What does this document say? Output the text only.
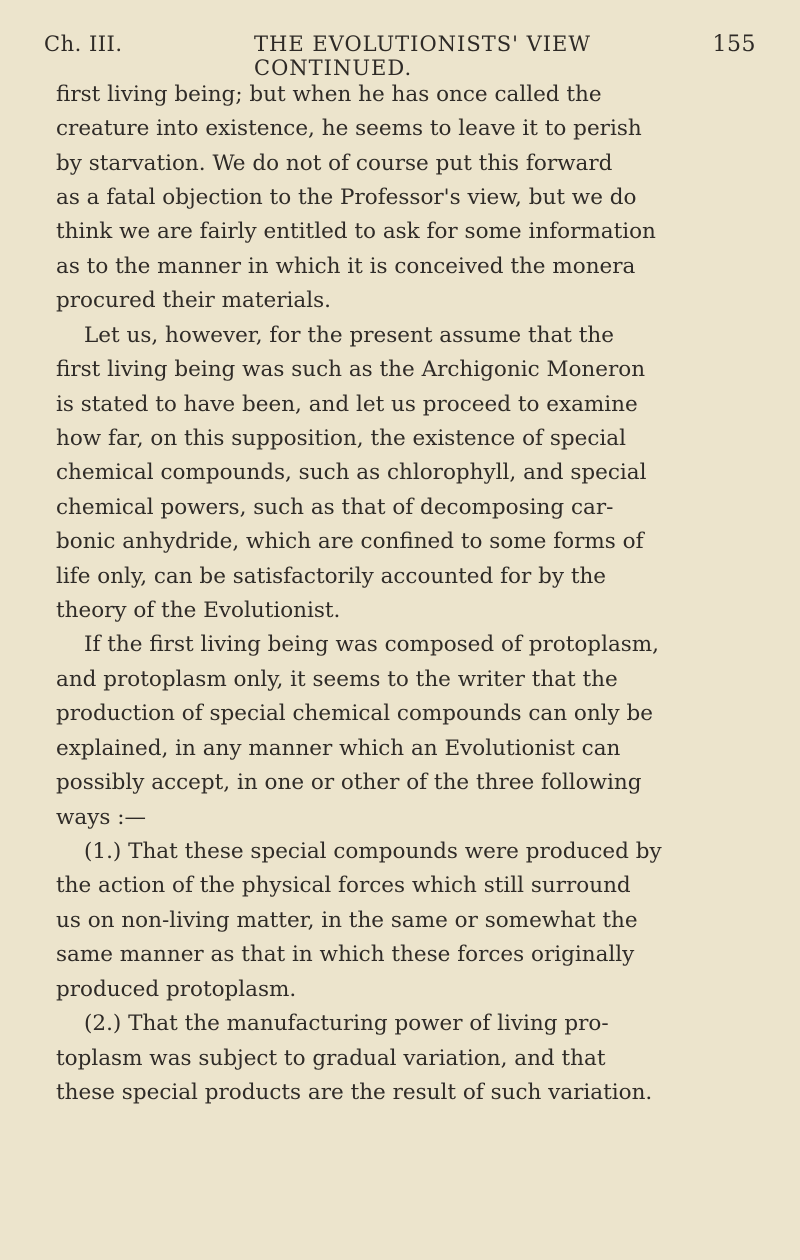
Ch. III.	THE EVOLUTIONISTS' VIEW CONTINUED.
155
first living being; but when he has once called the
creature into existence, he seems to leave it to perish
by starvation. We do not of course put this forward
as a fatal objection to the Professor's view, but we do
think we are fairly entitled to ask for some information
as to the manner in which it is conceived the monera
procured their materials.
Let us, however, for the present assume that the
first living being was such as the Archigonic Moneron
is stated to have been, and let us proceed to examine
how far, on this supposition, the existence of special
chemical compounds, such as chlorophyll, and special
chemical powers, such as that of decomposing car-
bonic anhydride, which are confined to some forms of
life only, can be satisfactorily accounted for by the
theory of the Evolutionist.
If the first living being was composed of protoplasm,
and protoplasm only, it seems to the writer that the
production of special chemical compounds can only be
explained, in any manner which an Evolutionist can
possibly accept, in one or other of the three following
ways :—
(1.) That these special compounds were produced by
the action of the physical forces which still surround
us on non-living matter, in the same or somewhat the
same manner as that in which these forces originally
produced protoplasm.
(2.) That the manufacturing power of living pro-
toplasm was subject to gradual variation, and that
these special products are the result of such variation.
